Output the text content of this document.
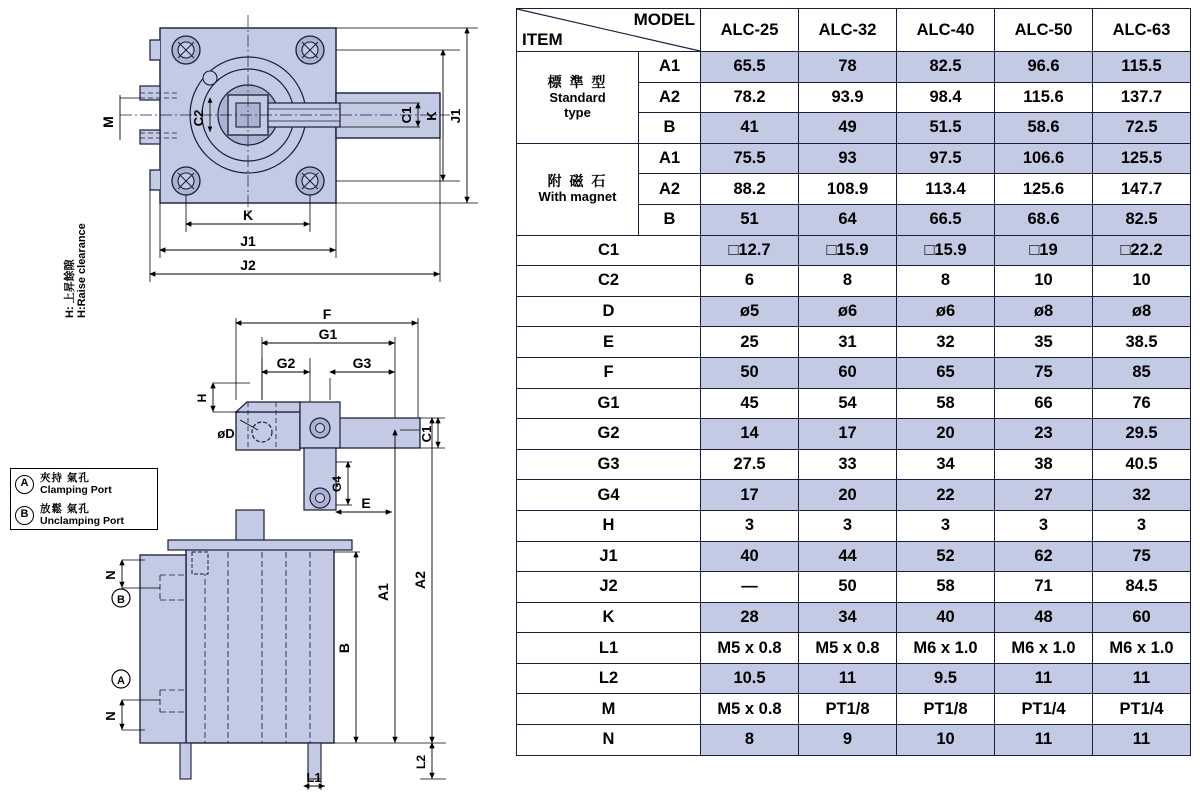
M	C2	C1 K J1
K
J1
J2
F
G1
G2	G3
H
øD	C1
G4
E
N
N
B
A
B
A1
A2
L2
L1
H: 上昇餘隙
H:Raise clearance
A	夾持 氣孔
Clamping Port
B	放鬆 氣孔
Unclamping Port
MODEL
ITEM		ALC-25	ALC-32	ALC-40	ALC-50	ALC-63

標 準 型
Standard
type	A1	65.5	78	82.5	96.6	115.5
	A2	78.2	93.9	98.4	115.6	137.7
	B	41	49	51.5	58.6	72.5

附 磁 石
With magnet	A1	75.5	93	97.5	106.6	125.5
	A2	88.2	108.9	113.4	125.6	147.7
	B	51	64	66.5	68.6	82.5
C1		□12.7	□15.9	□15.9	□19	□22.2
C2		6	8	8	10	10
D		ø5	ø6	ø6	ø8	ø8
E		25	31	32	35	38.5
F		50	60	65	75	85
G1		45	54	58	66	76
G2		14	17	20	23	29.5
G3		27.5	33	34	38	40.5
G4		17	20	22	27	32
H		3	3	3	3	3
J1		40	44	52	62	75
J2		—	50	58	71	84.5
K		28	34	40	48	60
L1		M5 x 0.8	M5 x 0.8	M6 x 1.0	M6 x 1.0	M6 x 1.0
L2		10.5	11	9.5	11	11
M		M5 x 0.8	PT1/8	PT1/8	PT1/4	PT1/4
N		8	9	10	11	11
